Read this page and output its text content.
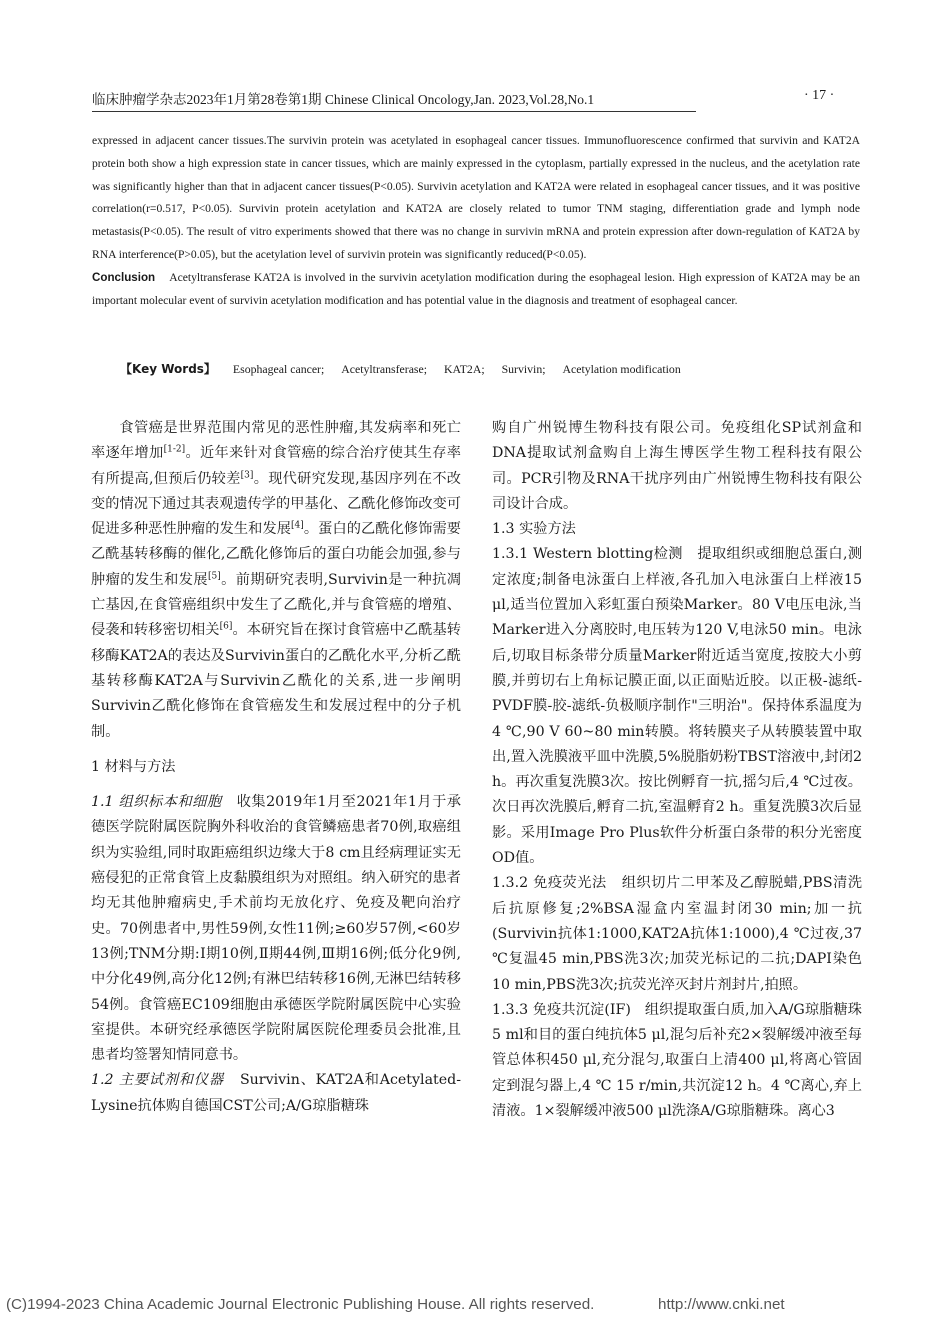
临床肿瘤学杂志2023年1月第28卷第1期 Chinese Clinical Oncology,Jan. 2023,Vol.28,No.1	· 17 ·

expressed in adjacent cancer tissues.The survivin protein was acetylated in esophageal cancer tissues. Immunofluorescence confirmed that survivin and KAT2A protein both show a high expression state in cancer tissues, which are mainly expressed in the cytoplasm, partially expressed in the nucleus, and the acetylation rate was significantly higher than that in adjacent cancer tissues(P<0.05). Survivin acetylation and KAT2A were related in esophageal cancer tissues, and it was positive correlation(r=0.517, P<0.05). Survivin protein acetylation and KAT2A are closely related to tumor TNM staging, differentiation grade and lymph node metastasis(P<0.05). The result of vitro experiments showed that there was no change in survivin mRNA and protein expression after down-regulation of KAT2A by RNA interference(P>0.05), but the acetylation level of survivin protein was significantly reduced(P<0.05).

Conclusion Acetyltransferase KAT2A is involved in the survivin acetylation modification during the esophageal lesion. High expression of KAT2A may be an important molecular event of survivin acetylation modification and has potential value in the diagnosis and treatment of esophageal cancer.

【Key Words】 Esophageal cancer; Acetyltransferase; KAT2A; Survivin; Acetylation modification

食管癌是世界范围内常见的恶性肿瘤,其发病率和死亡率逐年增加[1-2]。近年来针对食管癌的综合治疗使其生存率有所提高,但预后仍较差[3]。现代研究发现,基因序列在不改变的情况下通过其表观遗传学的甲基化、乙酰化修饰改变可促进多种恶性肿瘤的发生和发展[4]。蛋白的乙酰化修饰需要乙酰基转移酶的催化,乙酰化修饰后的蛋白功能会加强,参与肿瘤的发生和发展[5]。前期研究表明,Survivin是一种抗凋亡基因,在食管癌组织中发生了乙酰化,并与食管癌的增殖、侵袭和转移密切相关[6]。本研究旨在探讨食管癌中乙酰基转移酶KAT2A的表达及Survivin蛋白的乙酰化水平,分析乙酰基转移酶KAT2A与Survivin乙酰化的关系,进一步阐明Survivin乙酰化修饰在食管癌发生和发展过程中的分子机制。

1 材料与方法

1.1 组织标本和细胞 收集2019年1月至2021年1月于承德医学院附属医院胸外科收治的食管鳞癌患者70例,取癌组织为实验组,同时取距癌组织边缘大于8 cm且经病理证实无癌侵犯的正常食管上皮黏膜组织为对照组。纳入研究的患者均无其他肿瘤病史,手术前均无放化疗、免疫及靶向治疗史。70例患者中,男性59例,女性11例;≥60岁57例,<60岁13例;TNM分期:Ⅰ期10例,Ⅱ期44例,Ⅲ期16例;低分化9例,中分化49例,高分化12例;有淋巴结转移16例,无淋巴结转移54例。食管癌EC109细胞由承德医学院附属医院中心实验室提供。本研究经承德医学院附属医院伦理委员会批准,且患者均签署知情同意书。

1.2 主要试剂和仪器 Survivin、KAT2A和Acetylated-Lysine抗体购自德国CST公司;A/G琼脂糖珠

购自广州锐博生物科技有限公司。免疫组化SP试剂盒和DNA提取试剂盒购自上海生博医学生物工程科技有限公司。PCR引物及RNA干扰序列由广州锐博生物科技有限公司设计合成。

1.3 实验方法

1.3.1 Western blotting检测 提取组织或细胞总蛋白,测定浓度;制备电泳蛋白上样液,各孔加入电泳蛋白上样液15 μl,适当位置加入彩虹蛋白预染Marker。80 V电压电泳,当Marker进入分离胶时,电压转为120 V,电泳50 min。电泳后,切取目标条带分质量Marker附近适当宽度,按胶大小剪膜,并剪切右上角标记膜正面,以正面贴近胶。以正极-滤纸-PVDF膜-胶-滤纸-负极顺序制作"三明治"。保持体系温度为4 ℃,90 V 60~80 min转膜。将转膜夹子从转膜装置中取出,置入洗膜液平皿中洗膜,5%脱脂奶粉TBST溶液中,封闭2 h。再次重复洗膜3次。按比例孵育一抗,摇匀后,4 ℃过夜。次日再次洗膜后,孵育二抗,室温孵育2 h。重复洗膜3次后显影。采用Image Pro Plus软件分析蛋白条带的积分光密度OD值。

1.3.2 免疫荧光法 组织切片二甲苯及乙醇脱蜡,PBS清洗后抗原修复;2%BSA湿盒内室温封闭30 min;加一抗(Survivin抗体1:1000,KAT2A抗体1:1000),4 ℃过夜,37 ℃复温45 min,PBS洗3次;加荧光标记的二抗;DAPI染色10 min,PBS洗3次;抗荧光淬灭封片剂封片,拍照。

1.3.3 免疫共沉淀(IF) 组织提取蛋白质,加入A/G琼脂糖珠5 ml和目的蛋白纯抗体5 μl,混匀后补充2×裂解缓冲液至每管总体积450 μl,充分混匀,取蛋白上清400 μl,将离心管固定到混匀器上,4 ℃ 15 r/min,共沉淀12 h。4 ℃离心,弃上清液。1×裂解缓冲液500 μl洗涤A/G琼脂糖珠。离心3

(C)1994-2023 China Academic Journal Electronic Publishing House. All rights reserved.	http://www.cnki.net
